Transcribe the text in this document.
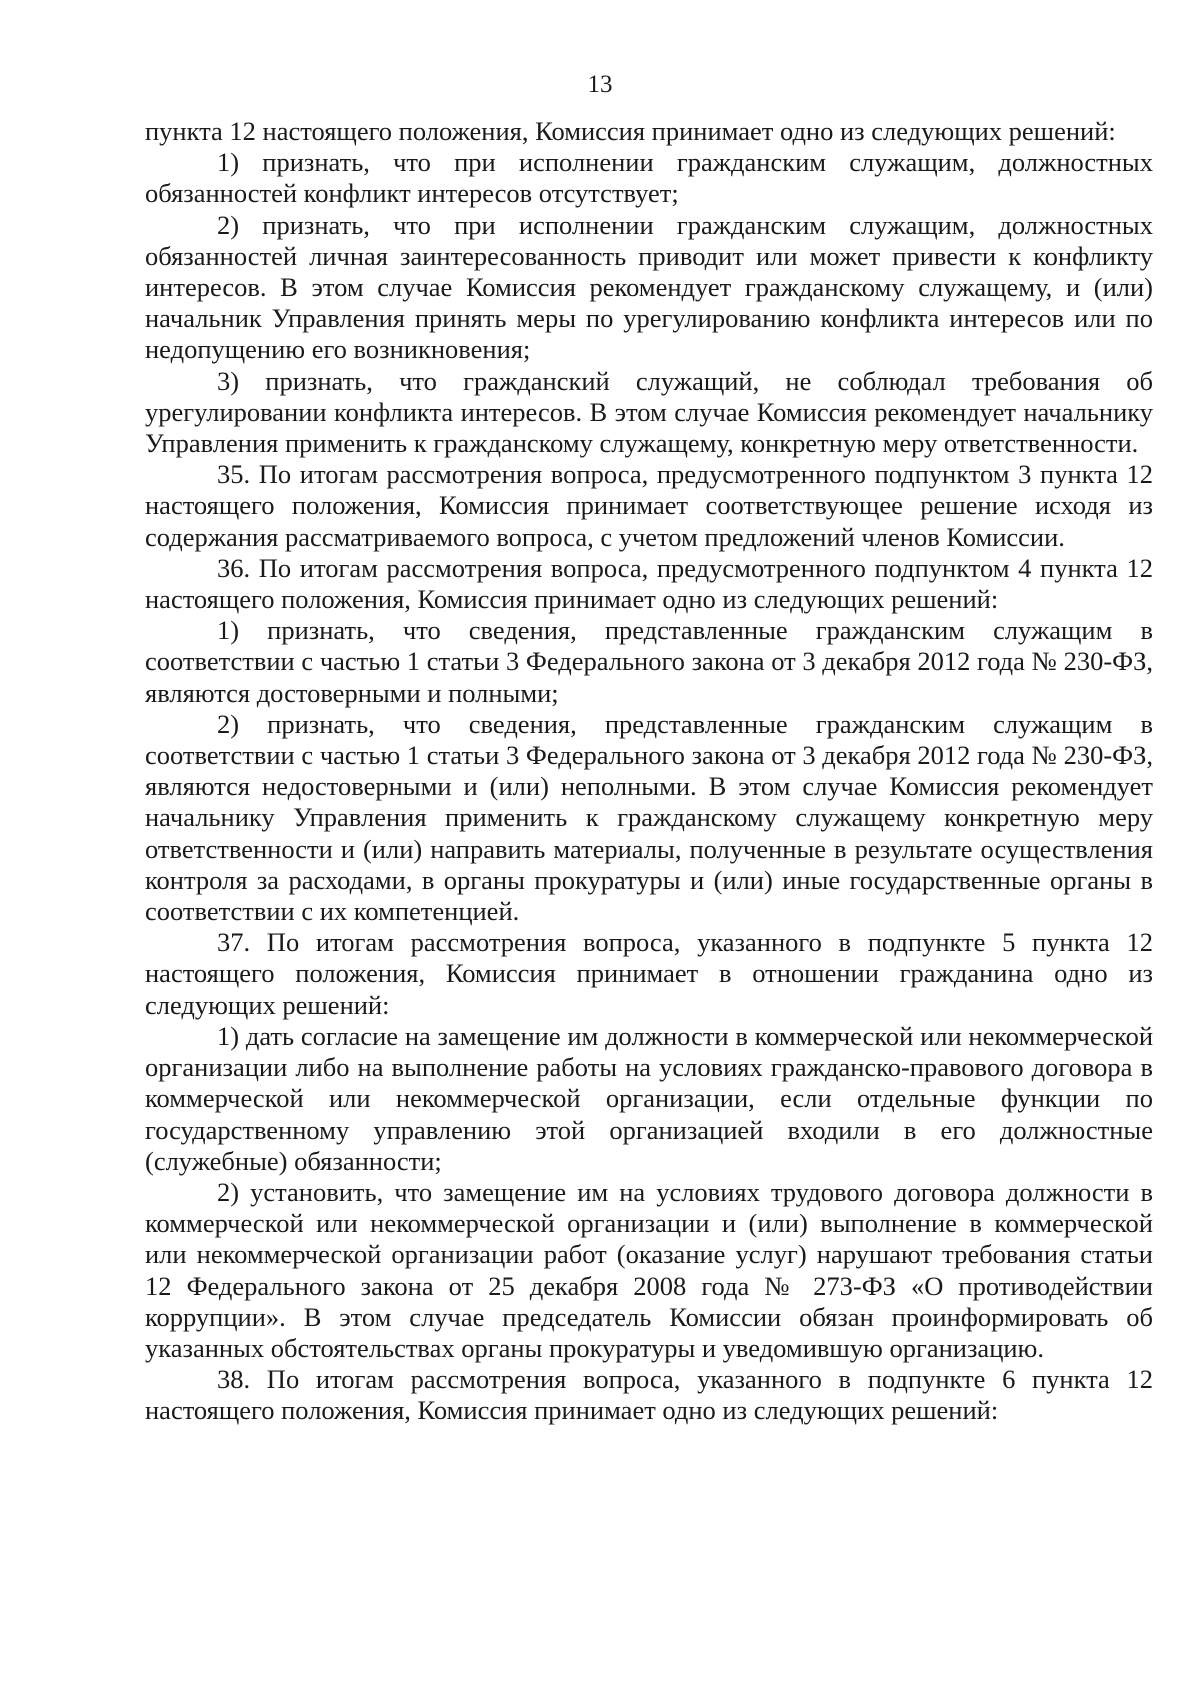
13

пункта 12 настоящего положения, Комиссия принимает одно из следующих решений:

1) признать, что при исполнении гражданским служащим, должностных обязанностей конфликт интересов отсутствует;

2) признать, что при исполнении гражданским служащим, должностных обязанностей личная заинтересованность приводит или может привести к конфликту интересов. В этом случае Комиссия рекомендует гражданскому служащему, и (или) начальник Управления принять меры по урегулированию конфликта интересов или по недопущению его возникновения;

3) признать, что гражданский служащий, не соблюдал требования об урегулировании конфликта интересов. В этом случае Комиссия рекомендует начальнику Управления применить к гражданскому служащему, конкретную меру ответственности.

35. По итогам рассмотрения вопроса, предусмотренного подпунктом 3 пункта 12 настоящего положения, Комиссия принимает соответствующее решение исходя из содержания рассматриваемого вопроса, с учетом предложений членов Комиссии.

36. По итогам рассмотрения вопроса, предусмотренного подпунктом 4 пункта 12 настоящего положения, Комиссия принимает одно из следующих решений:

1) признать, что сведения, представленные гражданским служащим в соответствии с частью 1 статьи 3 Федерального закона от 3 декабря 2012 года № 230-ФЗ, являются достоверными и полными;

2) признать, что сведения, представленные гражданским служащим в соответствии с частью 1 статьи 3 Федерального закона от 3 декабря 2012 года № 230-ФЗ, являются недостоверными и (или) неполными. В этом случае Комиссия рекомендует начальнику Управления применить к гражданскому служащему конкретную меру ответственности и (или) направить материалы, полученные в результате осуществления контроля за расходами, в органы прокуратуры и (или) иные государственные органы в соответствии с их компетенцией.

37. По итогам рассмотрения вопроса, указанного в подпункте 5 пункта 12 настоящего положения, Комиссия принимает в отношении гражданина одно из следующих решений:

1) дать согласие на замещение им должности в коммерческой или некоммерческой организации либо на выполнение работы на условиях гражданско-правового договора в коммерческой или некоммерческой организации, если отдельные функции по государственному управлению этой организацией входили в его должностные (служебные) обязанности;

2) установить, что замещение им на условиях трудового договора должности в коммерческой или некоммерческой организации и (или) выполнение в коммерческой или некоммерческой организации работ (оказание услуг) нарушают требования статьи 12 Федерального закона от 25 декабря 2008 года № 273-ФЗ «О противодействии коррупции». В этом случае председатель Комиссии обязан проинформировать об указанных обстоятельствах органы прокуратуры и уведомившую организацию.

38. По итогам рассмотрения вопроса, указанного в подпункте 6 пункта 12 настоящего положения, Комиссия принимает одно из следующих решений:
